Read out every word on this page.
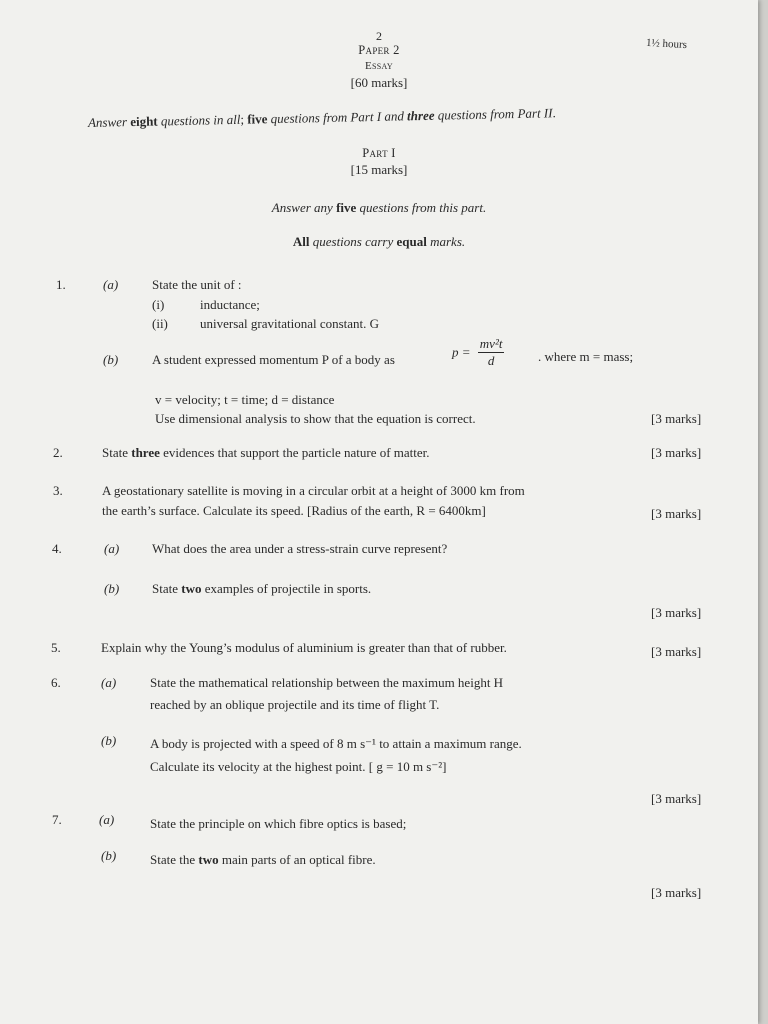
2
Paper 2
Essay
[60 marks]
1½ hours
Answer eight questions in all; five questions from Part I and three questions from Part II.
Part I
[15 marks]
Answer any five questions from this part.
All questions carry equal marks.
1.	(a)	State the unit of :
(i)	inductance;
(ii) universal gravitational constant. G
(b)	A student expressed momentum P of a body as	$p = \frac{\text{mv²t}}{d}$	. where m = mass;
v = velocity; t = time; d = distance
Use dimensional analysis to show that the equation is correct.	[3 marks]
2.	State three evidences that support the particle nature of matter.	[3 marks]
3.	A geostationary satellite is moving in a circular orbit at a height of 3000 km from
the earth’s surface. Calculate its speed. [Radius of the earth, R = 6400km]	[3 marks]
4.	(a)	What does the area under a stress-strain curve represent?
(b)	State two examples of projectile in sports.
[3 marks]
5.	Explain why the Young’s modulus of aluminium is greater than that of rubber.	[3 marks]
6.	(a)	State the mathematical relationship between the maximum height H
reached by an oblique projectile and its time of flight T.
(b)	A body is projected with a speed of 8 m s⁻¹ to attain a maximum range.
Calculate its velocity at the highest point. [ g = 10 m s⁻²]
[3 marks]
7.	(a)	State the principle on which fibre optics is based;
(b)	State the two main parts of an optical fibre.
[3 marks]
